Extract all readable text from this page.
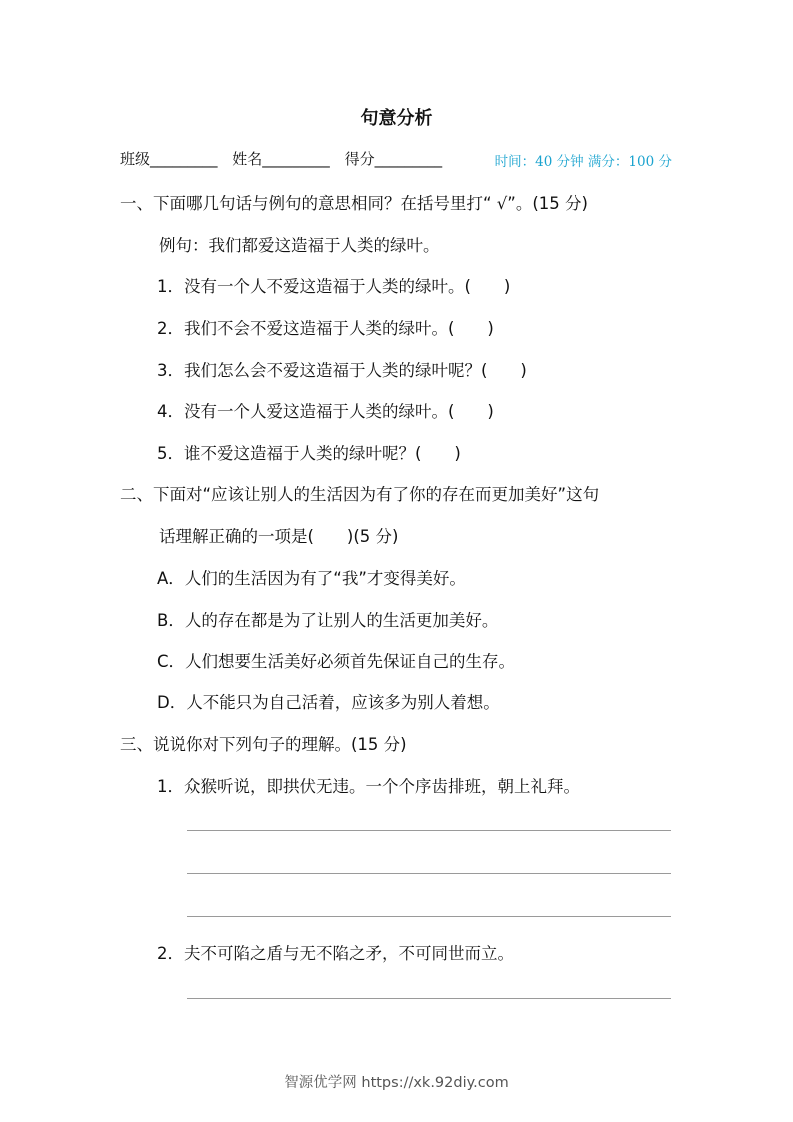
句意分析
班级_________ 姓名_________ 得分_________	时间：40 分钟 满分：100 分
一、下面哪几句话与例句的意思相同？在括号里打“ √”。(15 分)
例句：我们都爱这造福于人类的绿叶。
1．没有一个人不爱这造福于人类的绿叶。(　　)
2．我们不会不爱这造福于人类的绿叶。(　　)
3．我们怎么会不爱这造福于人类的绿叶呢？(　　)
4．没有一个人爱这造福于人类的绿叶。(　　)
5．谁不爱这造福于人类的绿叶呢？(　　)
二、下面对“应该让别人的生活因为有了你的存在而更加美好”这句
话理解正确的一项是(　　)(5 分)
A．人们的生活因为有了“我”才变得美好。
B．人的存在都是为了让别人的生活更加美好。
C．人们想要生活美好必须首先保证自己的生存。
D．人不能只为自己活着，应该多为别人着想。
三、说说你对下列句子的理解。(15 分)
1．众猴听说，即拱伏无违。一个个序齿排班，朝上礼拜。
2．夫不可陷之盾与无不陷之矛，不可同世而立。
智源优学网 https://xk.92diy.com
